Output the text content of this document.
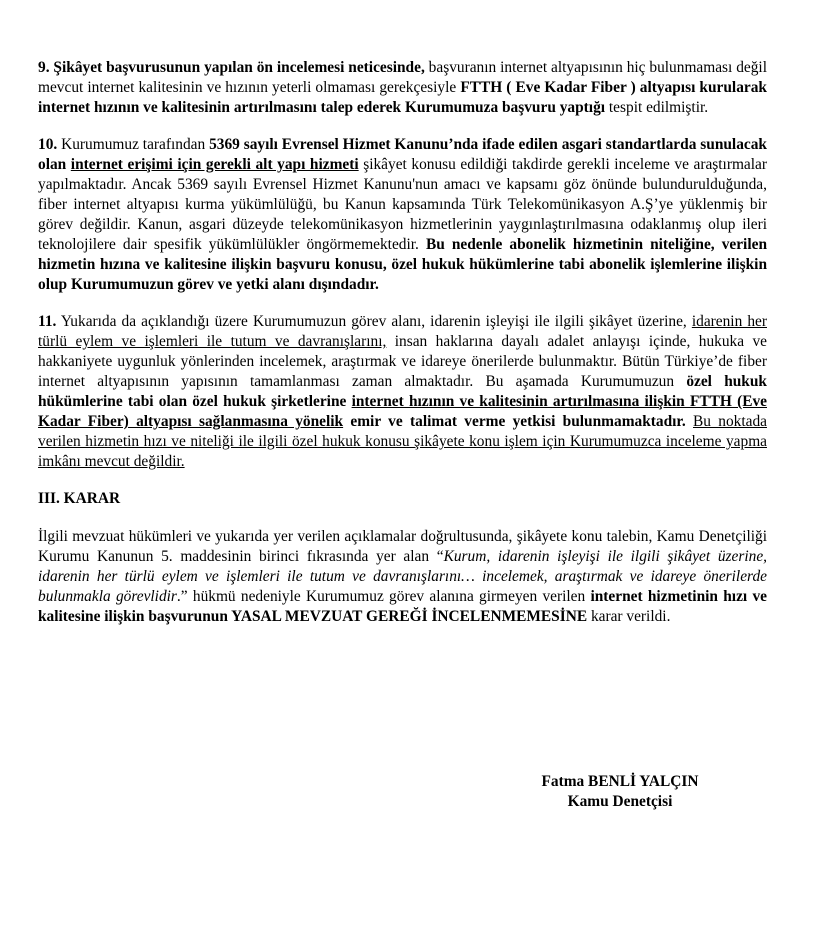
9. Şikâyet başvurusunun yapılan ön incelemesi neticesinde, başvuranın internet altyapısının hiç bulunmaması değil mevcut internet kalitesinin ve hızının yeterli olmaması gerekçesiyle FTTH ( Eve Kadar Fiber ) altyapısı kurularak internet hızının ve kalitesinin artırılmasını talep ederek Kurumumuza başvuru yaptığı tespit edilmiştir.

10. Kurumumuz tarafından 5369 sayılı Evrensel Hizmet Kanunu’nda ifade edilen asgari standartlarda sunulacak olan internet erişimi için gerekli alt yapı hizmeti şikâyet konusu edildiği takdirde gerekli inceleme ve araştırmalar yapılmaktadır. Ancak 5369 sayılı Evrensel Hizmet Kanunu'nun amacı ve kapsamı göz önünde bulundurulduğunda, fiber internet altyapısı kurma yükümlülüğü, bu Kanun kapsamında Türk Telekomünikasyon A.Ş’ye yüklenmiş bir görev değildir. Kanun, asgari düzeyde telekomünikasyon hizmetlerinin yaygınlaştırılmasına odaklanmış olup ileri teknolojilere dair spesifik yükümlülükler öngörmemektedir. Bu nedenle abonelik hizmetinin niteliğine, verilen hizmetin hızına ve kalitesine ilişkin başvuru konusu, özel hukuk hükümlerine tabi abonelik işlemlerine ilişkin olup Kurumumuzun görev ve yetki alanı dışındadır.

11. Yukarıda da açıklandığı üzere Kurumumuzun görev alanı, idarenin işleyişi ile ilgili şikâyet üzerine, idarenin her türlü eylem ve işlemleri ile tutum ve davranışlarını, insan haklarına dayalı adalet anlayışı içinde, hukuka ve hakkaniyete uygunluk yönlerinden incelemek, araştırmak ve idareye önerilerde bulunmaktır. Bütün Türkiye’de fiber internet altyapısının yapısının tamamlanması zaman almaktadır. Bu aşamada Kurumumuzun özel hukuk hükümlerine tabi olan özel hukuk şirketlerine internet hızının ve kalitesinin artırılmasına ilişkin FTTH (Eve Kadar Fiber) altyapısı sağlanmasına yönelik emir ve talimat verme yetkisi bulunmamaktadır. Bu noktada verilen hizmetin hızı ve niteliği ile ilgili özel hukuk konusu şikâyete konu işlem için Kurumumuzca inceleme yapma imkânı mevcut değildir.

III. KARAR

İlgili mevzuat hükümleri ve yukarıda yer verilen açıklamalar doğrultusunda, şikâyete konu talebin, Kamu Denetçiliği Kurumu Kanunun 5. maddesinin birinci fıkrasında yer alan “Kurum, idarenin işleyişi ile ilgili şikâyet üzerine, idarenin her türlü eylem ve işlemleri ile tutum ve davranışlarını… incelemek, araştırmak ve idareye önerilerde bulunmakla görevlidir.” hükmü nedeniyle Kurumumuz görev alanına girmeyen verilen internet hizmetinin hızı ve kalitesine ilişkin başvurunun YASAL MEVZUAT GEREĞİ İNCELENMEMESİNE karar verildi.

Fatma BENLİ YALÇIN
Kamu Denetçisi
